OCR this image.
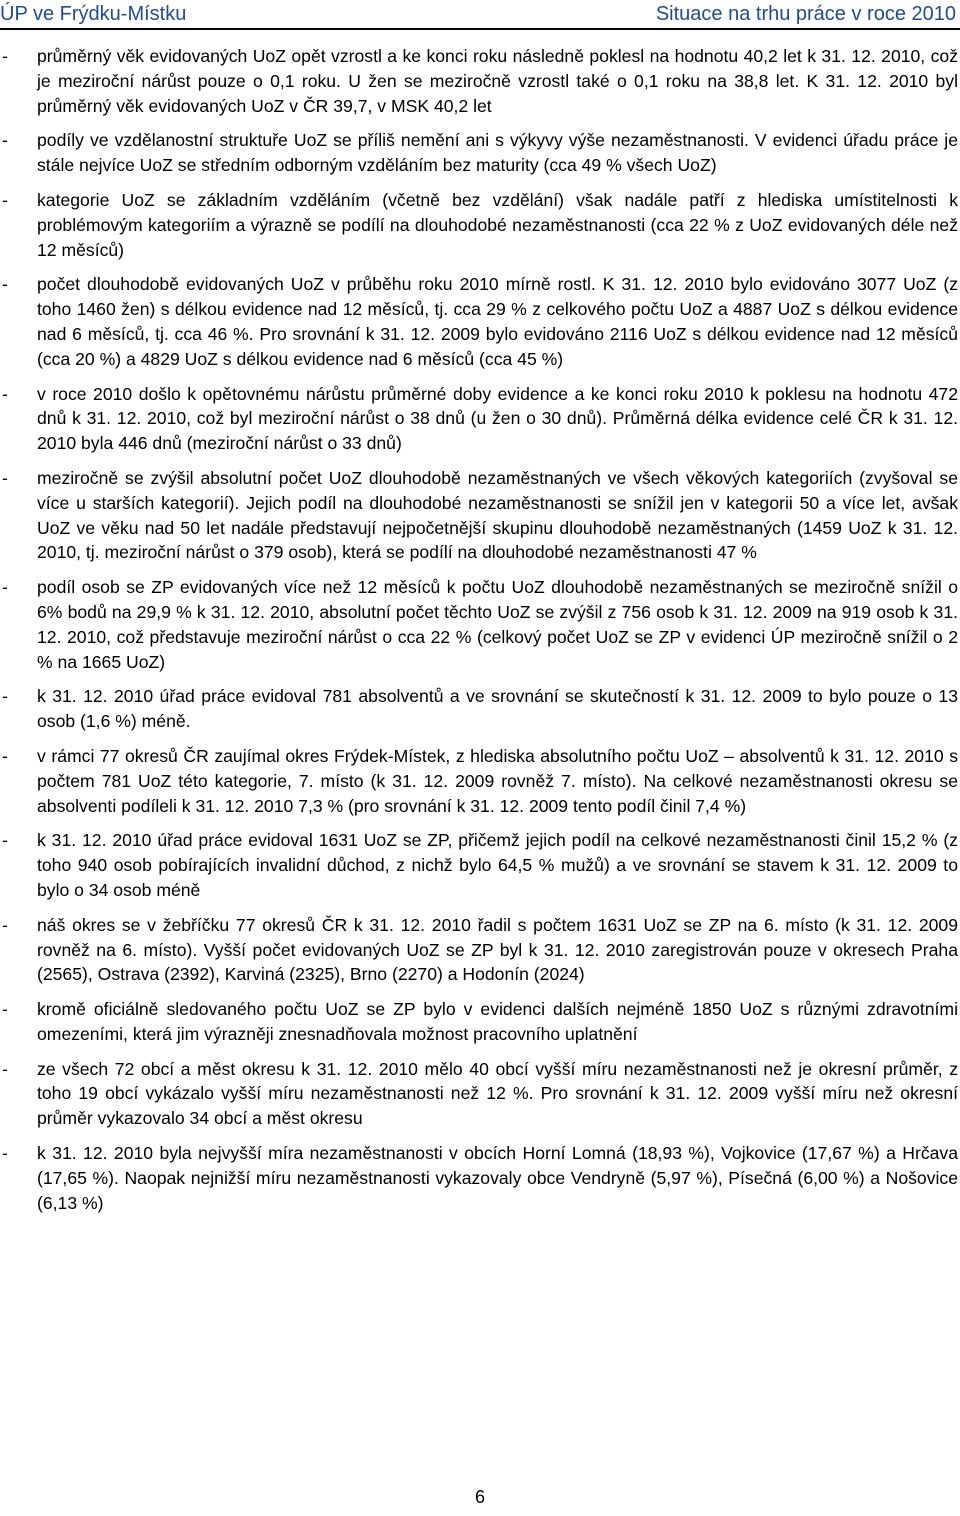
ÚP ve Frýdku-Místku	Situace na trhu práce v roce 2010
-	průměrný věk evidovaných UoZ opět vzrostl a ke konci roku následně poklesl na hodnotu 40,2 let k 31. 12. 2010, což je meziroční nárůst pouze o 0,1 roku. U žen se meziročně vzrostl také o 0,1 roku na 38,8 let. K 31. 12. 2010 byl průměrný věk evidovaných UoZ v ČR 39,7, v MSK 40,2 let
-	podíly ve vzdělanostní struktuře UoZ se příliš nemění ani s výkyvy výše nezaměstnanosti. V evidenci úřadu práce je stále nejvíce UoZ se středním odborným vzděláním bez maturity (cca 49 % všech UoZ)
-	kategorie UoZ se základním vzděláním (včetně bez vzdělání) však nadále patří z hlediska umístitelnosti k problémovým kategoriím a výrazně se podílí na dlouhodobé nezaměstnanosti (cca 22 % z UoZ evidovaných déle než 12 měsíců)
-	počet dlouhodobě evidovaných UoZ v průběhu roku 2010 mírně rostl. K 31. 12. 2010 bylo evidováno 3077 UoZ (z toho 1460 žen) s délkou evidence nad 12 měsíců, tj. cca 29 % z celkového počtu UoZ a 4887 UoZ s délkou evidence nad 6 měsíců, tj. cca 46 %. Pro srovnání k 31. 12. 2009 bylo evidováno 2116 UoZ s délkou evidence nad 12 měsíců (cca 20 %) a 4829 UoZ s délkou evidence nad 6 měsíců (cca 45 %)
-	v roce 2010 došlo k opětovnému nárůstu průměrné doby evidence a ke konci roku 2010 k poklesu na hodnotu 472 dnů k 31. 12. 2010, což byl meziroční nárůst o 38 dnů (u žen o 30 dnů). Průměrná délka evidence celé ČR k 31. 12. 2010 byla 446 dnů (meziroční nárůst o 33 dnů)
-	meziročně se zvýšil absolutní počet UoZ dlouhodobě nezaměstnaných ve všech věkových kategoriích (zvyšoval se více u starších kategorií). Jejich podíl na dlouhodobé nezaměstnanosti se snížil jen v kategorii 50 a více let, avšak UoZ ve věku nad 50 let nadále představují nejpočetnější skupinu dlouhodobě nezaměstnaných (1459 UoZ k 31. 12. 2010, tj. meziroční nárůst o 379 osob), která se podílí na dlouhodobé nezaměstnanosti 47 %
-	podíl osob se ZP evidovaných více než 12 měsíců k počtu UoZ dlouhodobě nezaměstnaných se meziročně snížil o 6% bodů na 29,9 % k 31. 12. 2010, absolutní počet těchto UoZ se zvýšil z 756 osob k 31. 12. 2009 na 919 osob k 31. 12. 2010, což představuje meziroční nárůst o cca 22 % (celkový počet UoZ se ZP v evidenci ÚP meziročně snížil o 2 % na 1665 UoZ)
-	k 31. 12. 2010 úřad práce evidoval 781 absolventů a ve srovnání se skutečností k 31. 12. 2009 to bylo pouze o 13 osob (1,6 %) méně.
-	v rámci 77 okresů ČR zaujímal okres Frýdek-Místek, z hlediska absolutního počtu UoZ – absolventů k 31. 12. 2010 s počtem 781 UoZ této kategorie, 7. místo (k 31. 12. 2009 rovněž 7. místo). Na celkové nezaměstnanosti okresu se absolventi podíleli k 31. 12. 2010 7,3 % (pro srovnání k 31. 12. 2009 tento podíl činil 7,4 %)
-	k 31. 12. 2010 úřad práce evidoval 1631 UoZ se ZP, přičemž jejich podíl na celkové nezaměstnanosti činil 15,2 % (z toho 940 osob pobírajících invalidní důchod, z nichž bylo 64,5 % mužů) a ve srovnání se stavem k 31. 12. 2009 to bylo o 34 osob méně
-	náš okres se v žebříčku 77 okresů ČR k 31. 12. 2010 řadil s počtem 1631 UoZ se ZP na 6. místo (k 31. 12. 2009 rovněž na 6. místo). Vyšší počet evidovaných UoZ se ZP byl k 31. 12. 2010 zaregistrován pouze v okresech Praha (2565), Ostrava (2392), Karviná (2325), Brno (2270) a Hodonín (2024)
-	kromě oficiálně sledovaného počtu UoZ se ZP bylo v evidenci dalších nejméně 1850 UoZ s různými zdravotními omezeními, která jim výrazněji znesnadňovala možnost pracovního uplatnění
-	ze všech 72 obcí a měst okresu k 31. 12. 2010 mělo 40 obcí vyšší míru nezaměstnanosti než je okresní průměr, z toho 19 obcí vykázalo vyšší míru nezaměstnanosti než 12 %. Pro srovnání k 31. 12. 2009 vyšší míru než okresní průměr vykazovalo 34 obcí a měst okresu
-	k 31. 12. 2010 byla nejvyšší míra nezaměstnanosti v obcích Horní Lomná (18,93 %), Vojkovice (17,67 %) a Hrčava (17,65 %). Naopak nejnižší míru nezaměstnanosti vykazovaly obce Vendryně (5,97 %), Písečná (6,00 %) a Nošovice (6,13 %)
6
